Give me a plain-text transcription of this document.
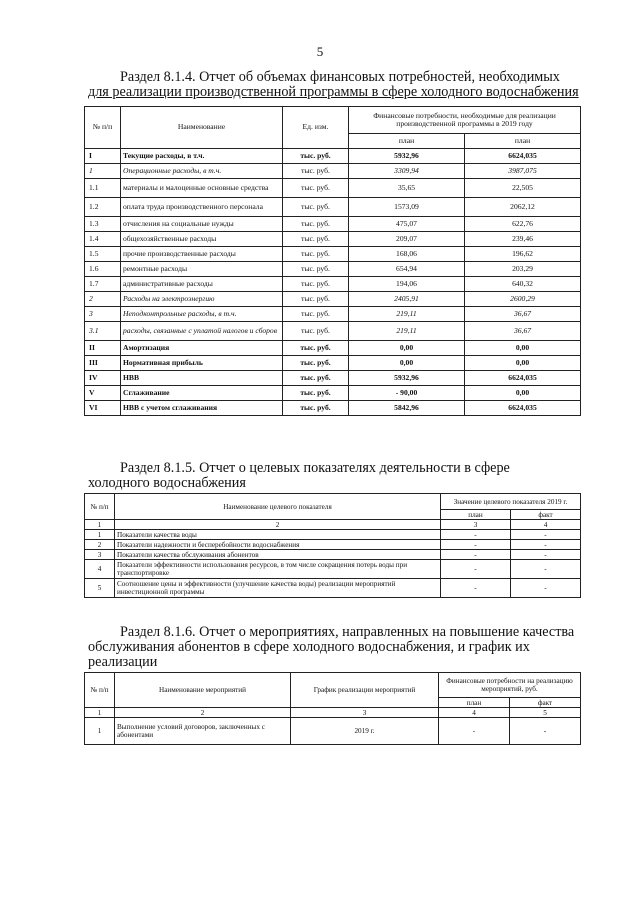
5
Раздел 8.1.4. Отчет об объемах финансовых потребностей, необходимых
для реализации производственной программы в сфере холодного водоснабжения
№ п/п	Наименование	Ед. изм.	Финансовые потребности, необходимые для реализации производственной программы в 2019 году	
			план	план
I	Текущие расходы, в т.ч.	тыс. руб.	5932,96	6624,035
1	Операционные расходы, в т.ч.	тыс. руб.	3309,94	3987,075
1.1	материалы и малоценные основные средства	тыс. руб.	35,65	22,505
1.2	оплата труда производственного персонала	тыс. руб.	1573,09	2062,12
1.3	отчисления на социальные нужды	тыс. руб.	475,07	622,76
1.4	общехозяйственные расходы	тыс. руб.	209,07	239,46
1.5	прочие производственные расходы	тыс. руб.	168,06	196,62
1.6	ремонтные расходы	тыс. руб.	654,94	203,29
1.7	административные расходы	тыс. руб.	194,06	640,32
2	Расходы на электроэнергию	тыс. руб.	2405,91	2600,29
3	Неподконтрольные расходы, в т.ч.	тыс. руб.	219,11	36,67
3.1	расходы, связанные с уплатой налогов и сборов	тыс. руб.	219,11	36,67
II	Амортизация	тыс. руб.	0,00	0,00
III	Нормативная прибыль	тыс. руб.	0,00	0,00
IV	НВВ	тыс. руб.	5932,96	6624,035
V	Сглаживание	тыс. руб.	- 90,00	0,00
VI	НВВ с учетом сглаживания	тыс. руб.	5842,96	6624,035
Раздел 8.1.5. Отчет о целевых показателях деятельности в сфере
холодного водоснабжения
№ п/п	Наименование целевого показателя	Значение целевого показателя 2019 г.	
		план	факт
1	2	3	4
1	Показатели качества воды	-	-
2	Показатели надежности и бесперебойности водоснабжения	-	-
3	Показатели качества обслуживания абонентов	-	-
4	Показатели эффективности использования ресурсов, в том числе сокращения потерь воды при транспортировке	-	-
5	Соотношение цены и эффективности (улучшение качества воды) реализации мероприятий инвестиционной программы	-	-
Раздел 8.1.6. Отчет о мероприятиях, направленных на повышение качества
обслуживания абонентов в сфере холодного водоснабжения, и график их
реализации
№ п/п	Наименование мероприятий	График реализации мероприятий	Финансовые потребности на реализацию мероприятий, руб.	
			план	факт
1	2	3	4	5
1	Выполнение условий договоров, заключенных с абонентами	2019 г.	-	-
